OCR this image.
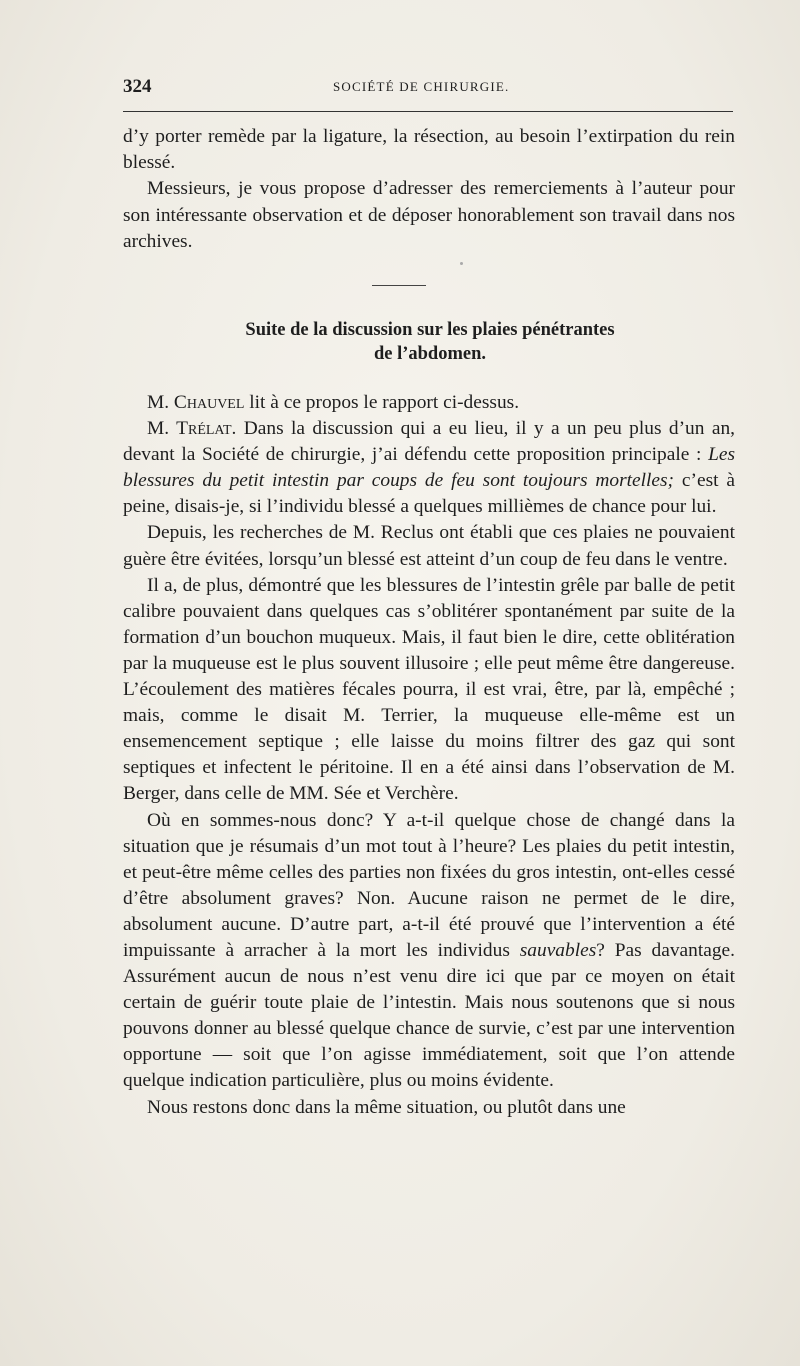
324	SOCIÉTÉ DE CHIRURGIE.

d’y porter remède par la ligature, la résection, au besoin l’extirpation du rein blessé.

Messieurs, je vous propose d’adresser des remerciements à l’auteur pour son intéressante observation et de déposer honorablement son travail dans nos archives.

Suite de la discussion sur les plaies pénétrantes
de l’abdomen.

M. Chauvel lit à ce propos le rapport ci-dessus.

M. Trélat. Dans la discussion qui a eu lieu, il y a un peu plus d’un an, devant la Société de chirurgie, j’ai défendu cette proposition principale : Les blessures du petit intestin par coups de feu sont toujours mortelles; c’est à peine, disais-je, si l’individu blessé a quelques millièmes de chance pour lui.

Depuis, les recherches de M. Reclus ont établi que ces plaies ne pouvaient guère être évitées, lorsqu’un blessé est atteint d’un coup de feu dans le ventre.

Il a, de plus, démontré que les blessures de l’intestin grêle par balle de petit calibre pouvaient dans quelques cas s’oblitérer spontanément par suite de la formation d’un bouchon muqueux. Mais, il faut bien le dire, cette oblitération par la muqueuse est le plus souvent illusoire ; elle peut même être dangereuse. L’écoulement des matières fécales pourra, il est vrai, être, par là, empêché ; mais, comme le disait M. Terrier, la muqueuse elle-même est un ensemencement septique ; elle laisse du moins filtrer des gaz qui sont septiques et infectent le péritoine. Il en a été ainsi dans l’observation de M. Berger, dans celle de MM. Sée et Verchère.

Où en sommes-nous donc? Y a-t-il quelque chose de changé dans la situation que je résumais d’un mot tout à l’heure? Les plaies du petit intestin, et peut-être même celles des parties non fixées du gros intestin, ont-elles cessé d’être absolument graves? Non. Aucune raison ne permet de le dire, absolument aucune. D’autre part, a-t-il été prouvé que l’intervention a été impuissante à arracher à la mort les individus sauvables? Pas davantage. Assurément aucun de nous n’est venu dire ici que par ce moyen on était certain de guérir toute plaie de l’intestin. Mais nous soutenons que si nous pouvons donner au blessé quelque chance de survie, c’est par une intervention opportune — soit que l’on agisse immédiatement, soit que l’on attende quelque indication particulière, plus ou moins évidente.

Nous restons donc dans la même situation, ou plutôt dans une
